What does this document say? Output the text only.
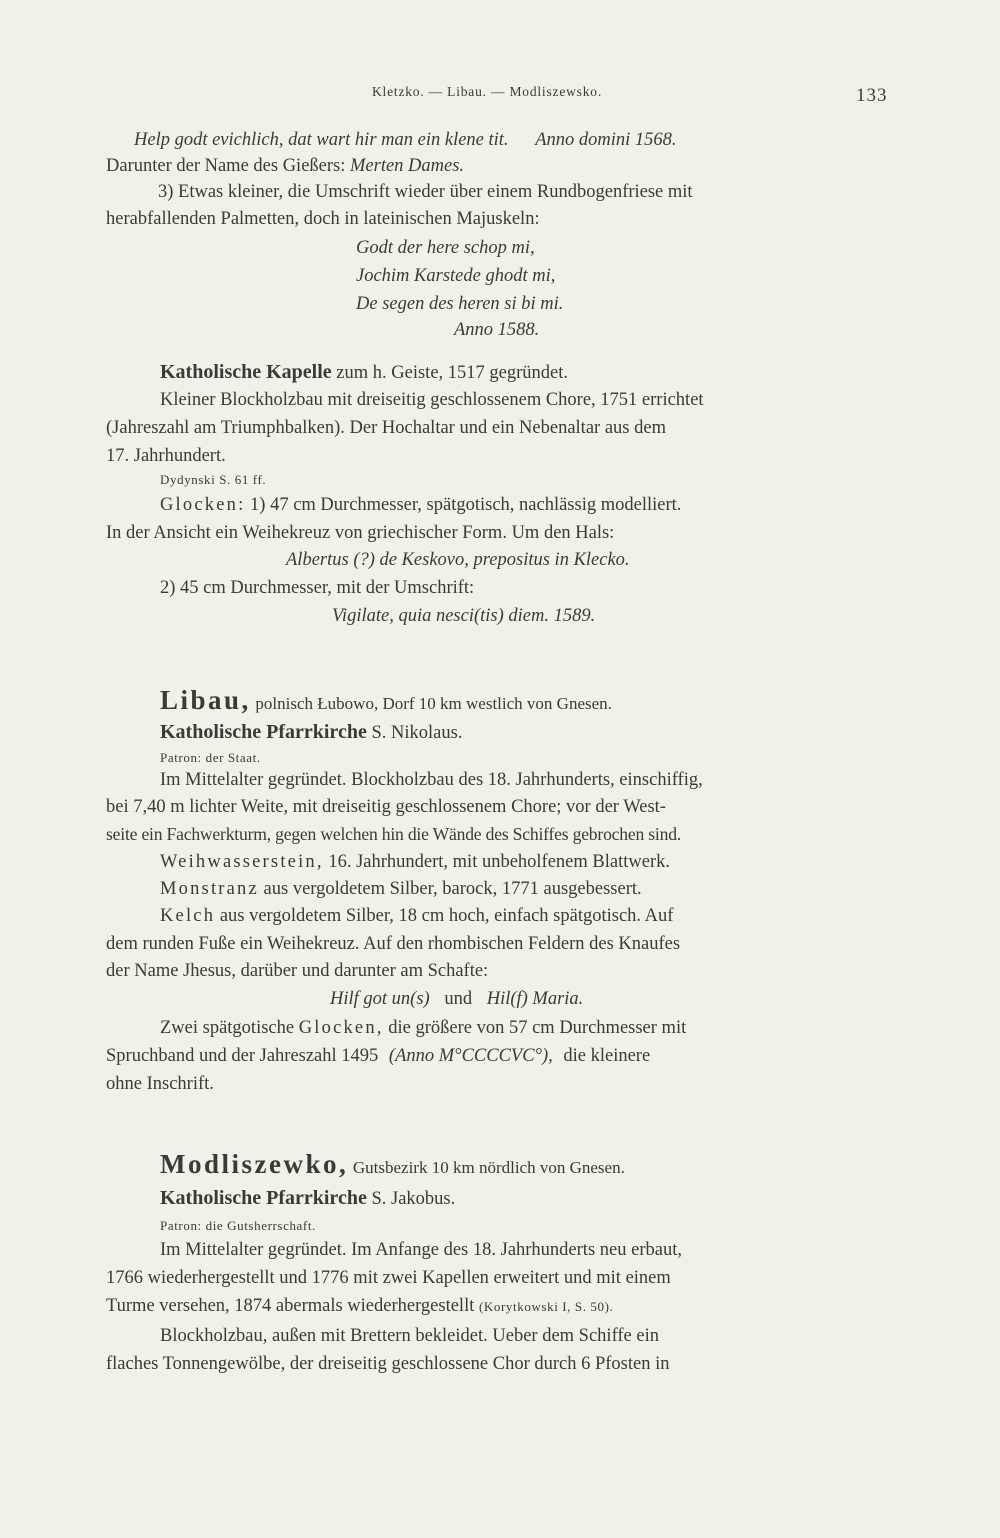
Kletzko. — Libau. — Modliszewsko.	133
Help godt evichlich, dat wart hir man ein klene tit. Anno domini 1568.
Darunter der Name des Gießers: Merten Dames.
3) Etwas kleiner, die Umschrift wieder über einem Rundbogenfriese mit
herabfallenden Palmetten, doch in lateinischen Majuskeln:
Godt der here schop mi,
Jochim Karstede ghodt mi,
De segen des heren si bi mi.
Anno 1588.
Katholische Kapelle zum h. Geiste, 1517 gegründet.
Kleiner Blockholzbau mit dreiseitig geschlossenem Chore, 1751 errichtet
(Jahreszahl am Triumphbalken). Der Hochaltar und ein Nebenaltar aus dem
17. Jahrhundert.
Dydynski S. 61 ff.
Glocken: 1) 47 cm Durchmesser, spätgotisch, nachlässig modelliert.
In der Ansicht ein Weihekreuz von griechischer Form. Um den Hals:
Albertus (?) de Keskovo, prepositus in Klecko.
2) 45 cm Durchmesser, mit der Umschrift:
Vigilate, quia nesci(tis) diem. 1589.
Libau, polnisch Łubowo, Dorf 10 km westlich von Gnesen.
Katholische Pfarrkirche S. Nikolaus.
Patron: der Staat.
Im Mittelalter gegründet. Blockholzbau des 18. Jahrhunderts, einschiffig,
bei 7,40 m lichter Weite, mit dreiseitig geschlossenem Chore; vor der West-
seite ein Fachwerkturm, gegen welchen hin die Wände des Schiffes gebrochen sind.
Weihwasserstein, 16. Jahrhundert, mit unbeholfenem Blattwerk.
Monstranz aus vergoldetem Silber, barock, 1771 ausgebessert.
Kelch aus vergoldetem Silber, 18 cm hoch, einfach spätgotisch. Auf
dem runden Fuße ein Weihekreuz. Auf den rhombischen Feldern des Knaufes
der Name Jhesus, darüber und darunter am Schafte:
Hilf got un(s) und Hil(f) Maria.
Zwei spätgotische Glocken, die größere von 57 cm Durchmesser mit
Spruchband und der Jahreszahl 1495 (Anno M°CCCCVC°), die kleinere
ohne Inschrift.
Modliszewko, Gutsbezirk 10 km nördlich von Gnesen.
Katholische Pfarrkirche S. Jakobus.
Patron: die Gutsherrschaft.
Im Mittelalter gegründet. Im Anfange des 18. Jahrhunderts neu erbaut,
1766 wiederhergestellt und 1776 mit zwei Kapellen erweitert und mit einem
Turme versehen, 1874 abermals wiederhergestellt (Korytkowski I, S. 50).
Blockholzbau, außen mit Brettern bekleidet. Ueber dem Schiffe ein
flaches Tonnengewölbe, der dreiseitig geschlossene Chor durch 6 Pfosten in
